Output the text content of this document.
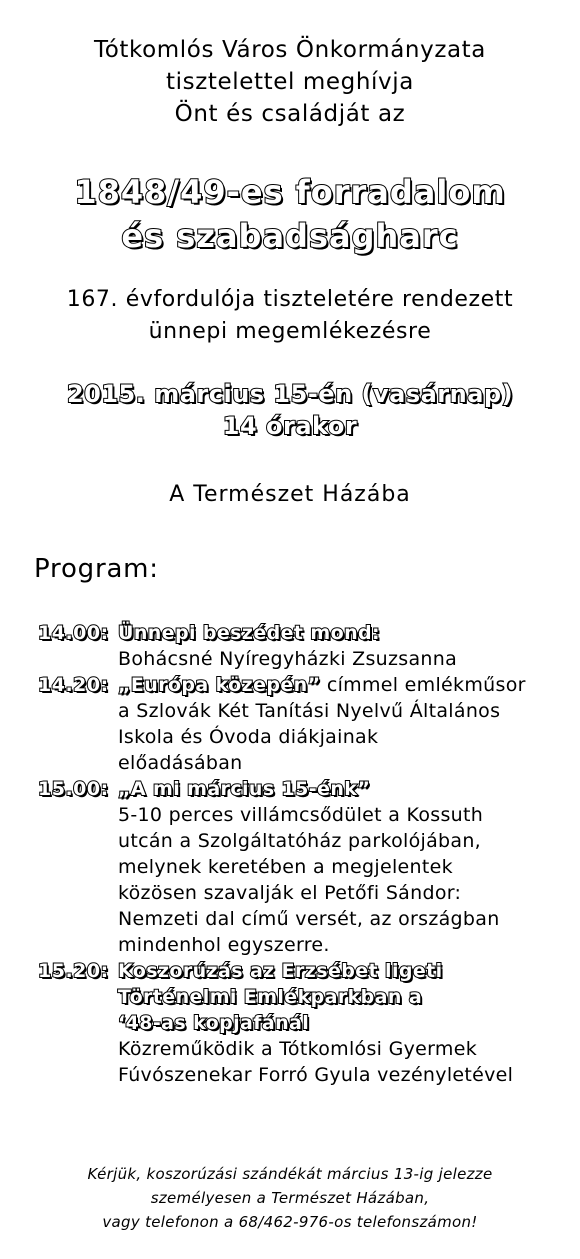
Tótkomlós Város Önkormányzata
tisztelettel meghívja
Önt és családját az
1848/49-es forradalom
és szabadságharc
167. évfordulója tiszteletére rendezett
ünnepi megemlékezésre
2015. március 15-én (vasárnap)
14 órakor
A Természet Házába
Program:
14.00: Ünnepi beszédet mond:
Bohácsné Nyíregyházki Zsuzsanna
14.20: „Európa közepén” címmel emlékműsor
a Szlovák Két Tanítási Nyelvű Általános
Iskola és Óvoda diákjainak
előadásában
15.00: „A mi március 15-énk”
5-10 perces villámcsődület a Kossuth
utcán a Szolgáltatóház parkolójában,
melynek keretében a megjelentek
közösen szavalják el Petőfi Sándor:
Nemzeti dal című versét, az országban
mindenhol egyszerre.
15.20: Koszorúzás az Erzsébet ligeti
Történelmi Emlékparkban a
‘48-as kopjafánál
Közreműködik a Tótkomlósi Gyermek
Fúvószenekar Forró Gyula vezényletével
Kérjük, koszorúzási szándékát március 13-ig jelezze
személyesen a Természet Házában,
vagy telefonon a 68/462-976-os telefonszámon!
